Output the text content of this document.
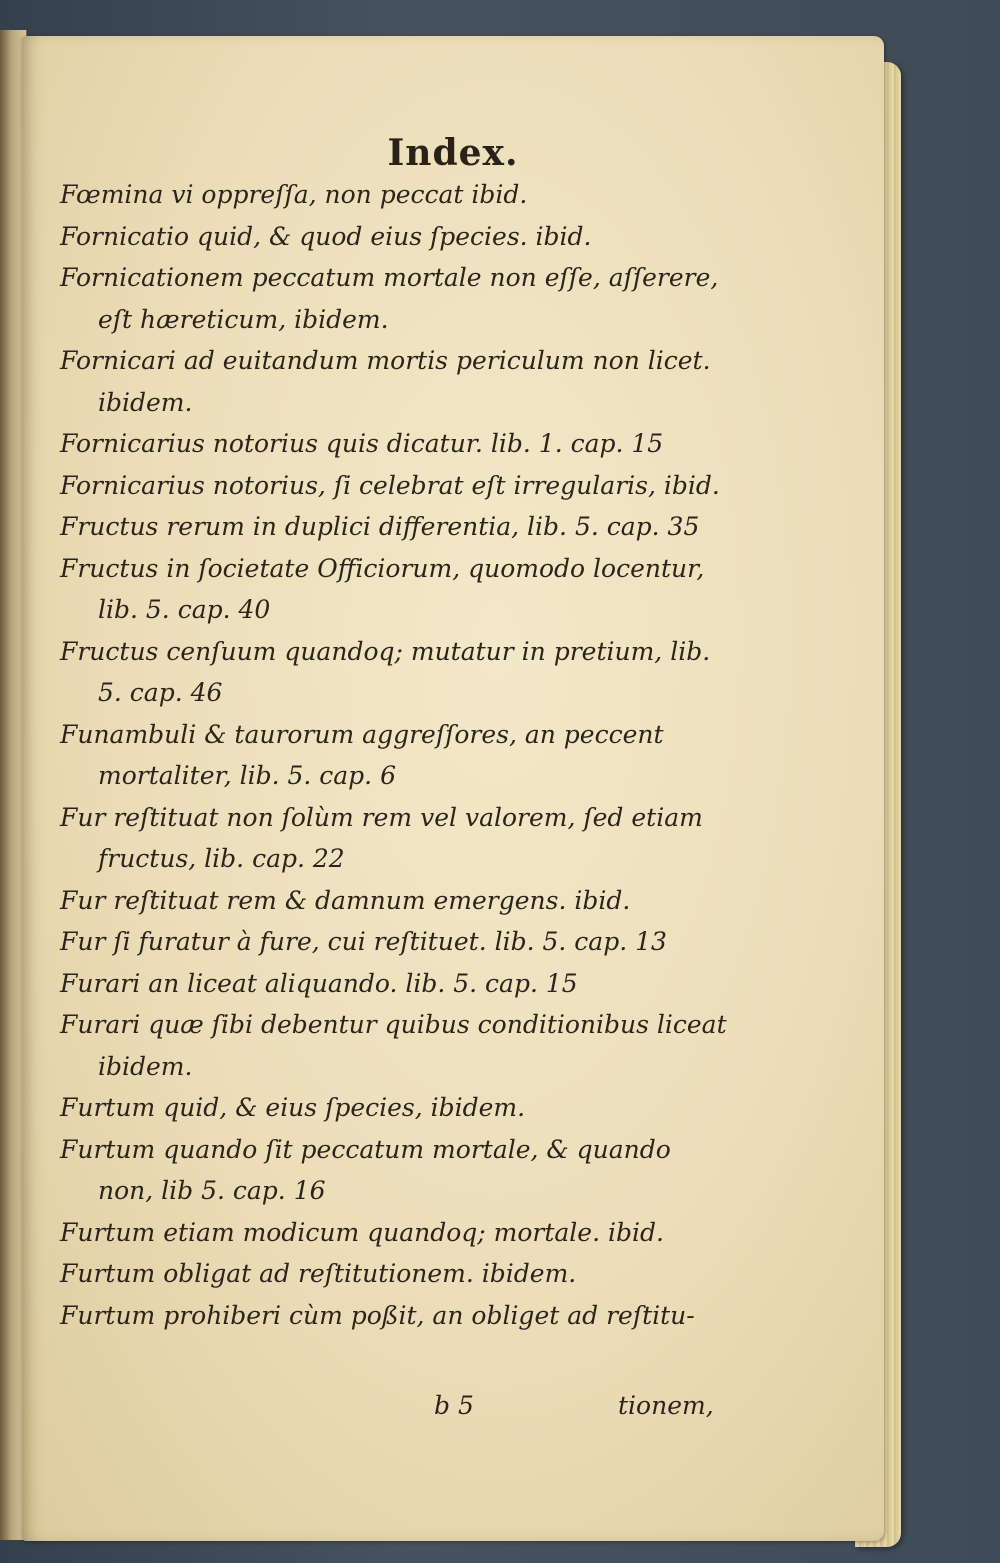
Index.

Fœmina vi oppreſſa, non peccat ibid.

Fornicatio quid, & quod eius ſpecies. ibid.

Fornicationem peccatum mortale non eſſe, aſſerere,
eſt hæreticum, ibidem.

Fornicari ad euitandum mortis periculum non licet.
ibidem.

Fornicarius notorius quis dicatur. lib. 1. cap. 15

Fornicarius notorius, ſi celebrat eſt irregularis, ibid.

Fructus rerum in duplici differentia, lib. 5. cap. 35

Fructus in ſocietate Officiorum, quomodo locentur,
lib. 5. cap. 40

Fructus cenſuum quandoq; mutatur in pretium, lib.
5. cap. 46

Funambuli & taurorum aggreſſores, an peccent
mortaliter, lib. 5. cap. 6

Fur reſtituat non ſolùm rem vel valorem, ſed etiam
fructus, lib. cap. 22

Fur reſtituat rem & damnum emergens. ibid.

Fur ſi furatur à fure, cui reſtituet. lib. 5. cap. 13

Furari an liceat aliquando. lib. 5. cap. 15

Furari quæ ſibi debentur quibus conditionibus liceat
ibidem.

Furtum quid, & eius ſpecies, ibidem.

Furtum quando ſit peccatum mortale, & quando
non, lib 5. cap. 16

Furtum etiam modicum quandoq; mortale. ibid.

Furtum obligat ad reſtitutionem. ibidem.

Furtum prohiberi cùm poßit, an obliget ad reſtitu-

b 5	tionem,
